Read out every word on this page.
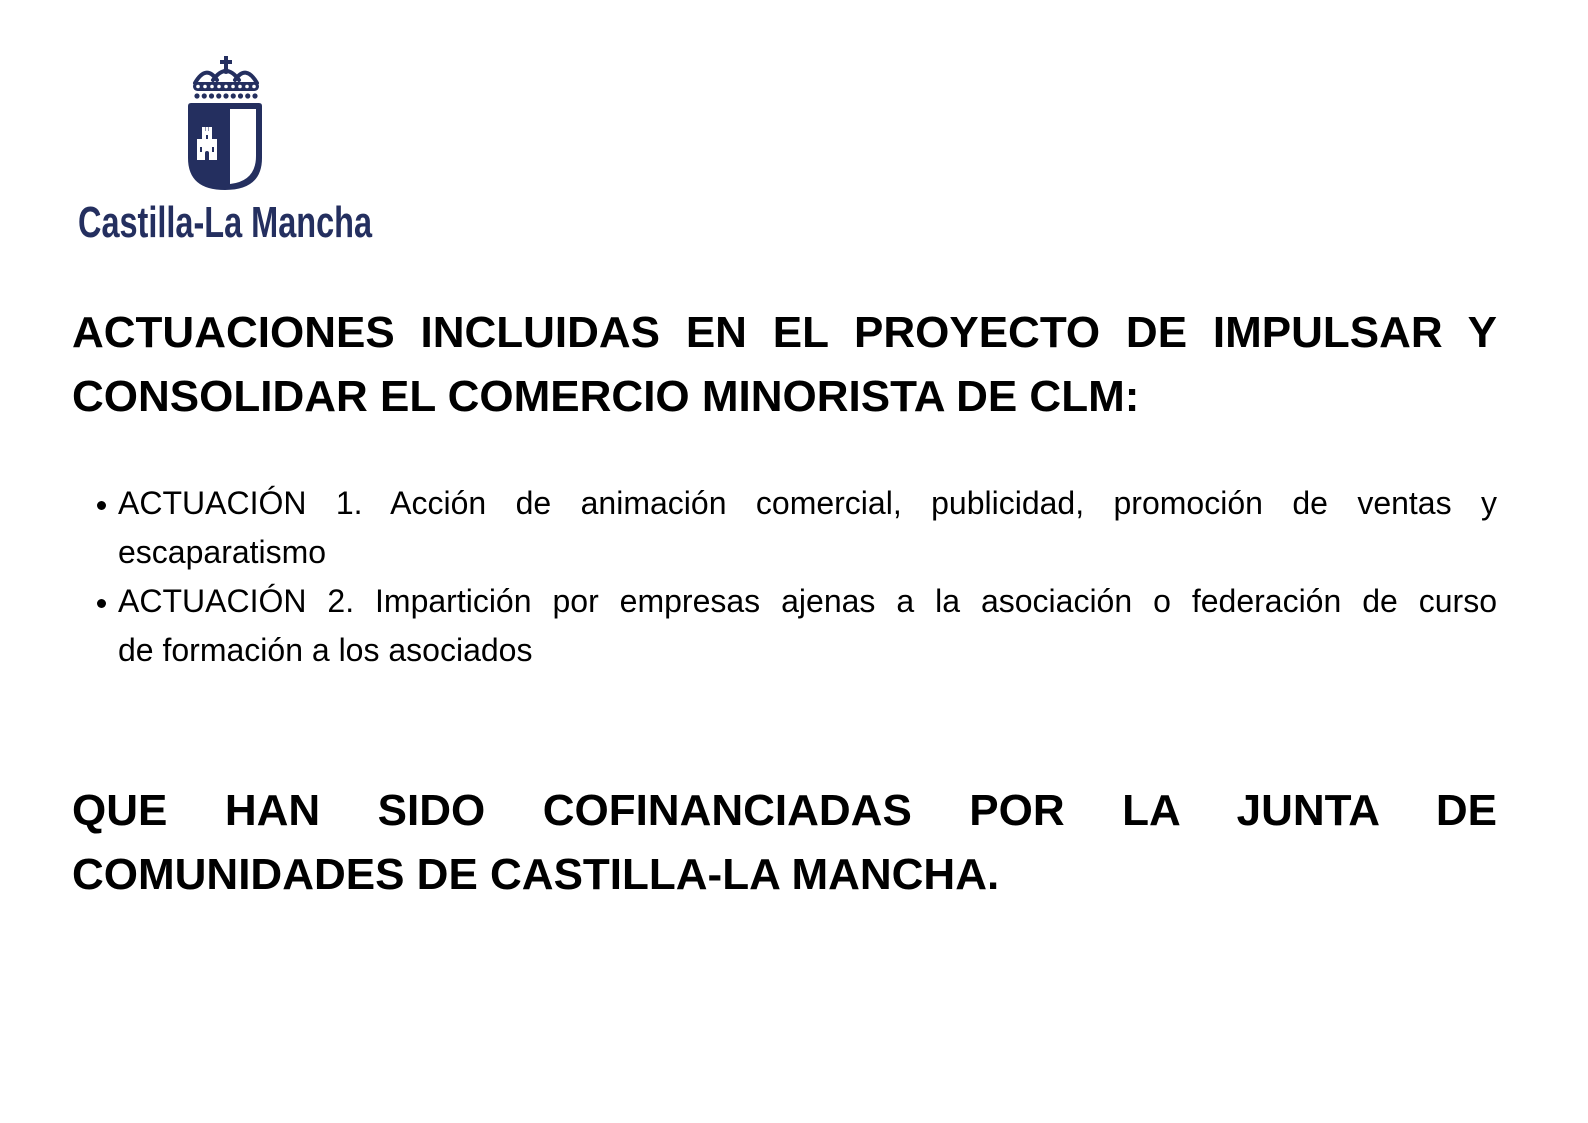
Castilla-La Mancha
ACTUACIONES INCLUIDAS EN EL PROYECTO DE IMPULSAR Y
CONSOLIDAR EL COMERCIO MINORISTA DE CLM:
ACTUACIÓN 1. Acción de animación comercial, publicidad, promoción de ventas y
escaparatismo
ACTUACIÓN 2. Impartición por empresas ajenas a la asociación o federación de curso
de formación a los asociados
QUE HAN SIDO COFINANCIADAS POR LA JUNTA DE
COMUNIDADES DE CASTILLA-LA MANCHA.
